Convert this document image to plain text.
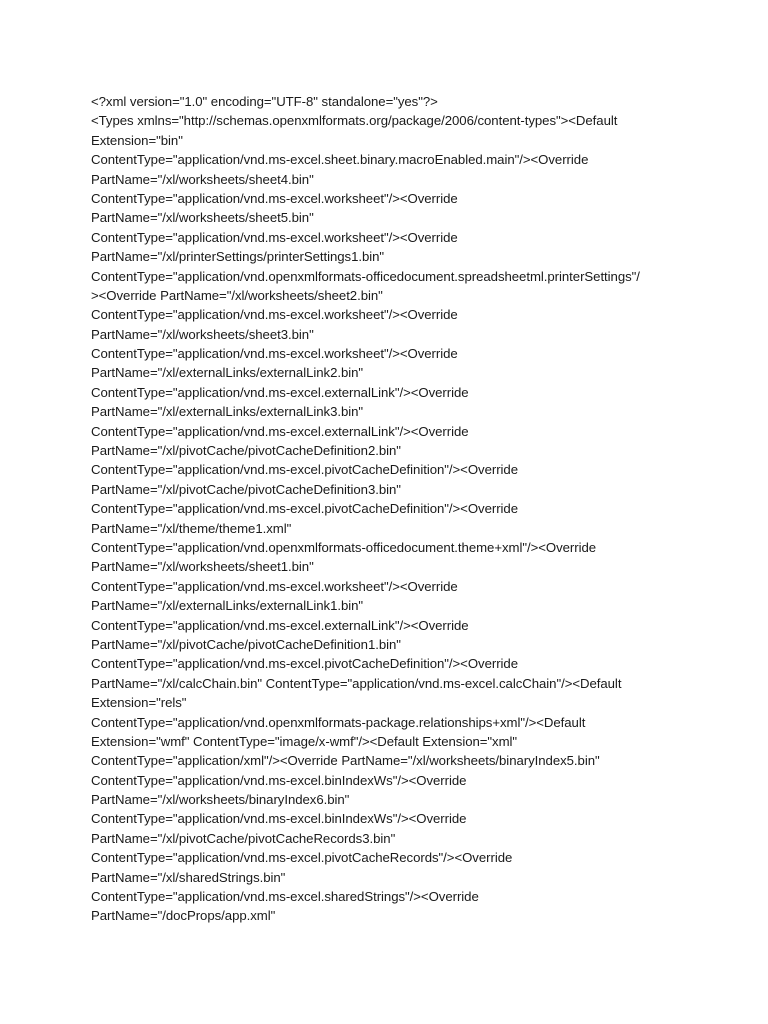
<?xml version="1.0" encoding="UTF-8" standalone="yes"?>
<Types xmlns="http://schemas.openxmlformats.org/package/2006/content-types"><Default
Extension="bin"
ContentType="application/vnd.ms-excel.sheet.binary.macroEnabled.main"/><Override
PartName="/xl/worksheets/sheet4.bin"
ContentType="application/vnd.ms-excel.worksheet"/><Override
PartName="/xl/worksheets/sheet5.bin"
ContentType="application/vnd.ms-excel.worksheet"/><Override
PartName="/xl/printerSettings/printerSettings1.bin"
ContentType="application/vnd.openxmlformats-officedocument.spreadsheetml.printerSettings"/
><Override PartName="/xl/worksheets/sheet2.bin"
ContentType="application/vnd.ms-excel.worksheet"/><Override
PartName="/xl/worksheets/sheet3.bin"
ContentType="application/vnd.ms-excel.worksheet"/><Override
PartName="/xl/externalLinks/externalLink2.bin"
ContentType="application/vnd.ms-excel.externalLink"/><Override
PartName="/xl/externalLinks/externalLink3.bin"
ContentType="application/vnd.ms-excel.externalLink"/><Override
PartName="/xl/pivotCache/pivotCacheDefinition2.bin"
ContentType="application/vnd.ms-excel.pivotCacheDefinition"/><Override
PartName="/xl/pivotCache/pivotCacheDefinition3.bin"
ContentType="application/vnd.ms-excel.pivotCacheDefinition"/><Override
PartName="/xl/theme/theme1.xml"
ContentType="application/vnd.openxmlformats-officedocument.theme+xml"/><Override
PartName="/xl/worksheets/sheet1.bin"
ContentType="application/vnd.ms-excel.worksheet"/><Override
PartName="/xl/externalLinks/externalLink1.bin"
ContentType="application/vnd.ms-excel.externalLink"/><Override
PartName="/xl/pivotCache/pivotCacheDefinition1.bin"
ContentType="application/vnd.ms-excel.pivotCacheDefinition"/><Override
PartName="/xl/calcChain.bin" ContentType="application/vnd.ms-excel.calcChain"/><Default
Extension="rels"
ContentType="application/vnd.openxmlformats-package.relationships+xml"/><Default
Extension="wmf" ContentType="image/x-wmf"/><Default Extension="xml"
ContentType="application/xml"/><Override PartName="/xl/worksheets/binaryIndex5.bin"
ContentType="application/vnd.ms-excel.binIndexWs"/><Override
PartName="/xl/worksheets/binaryIndex6.bin"
ContentType="application/vnd.ms-excel.binIndexWs"/><Override
PartName="/xl/pivotCache/pivotCacheRecords3.bin"
ContentType="application/vnd.ms-excel.pivotCacheRecords"/><Override
PartName="/xl/sharedStrings.bin"
ContentType="application/vnd.ms-excel.sharedStrings"/><Override
PartName="/docProps/app.xml"
